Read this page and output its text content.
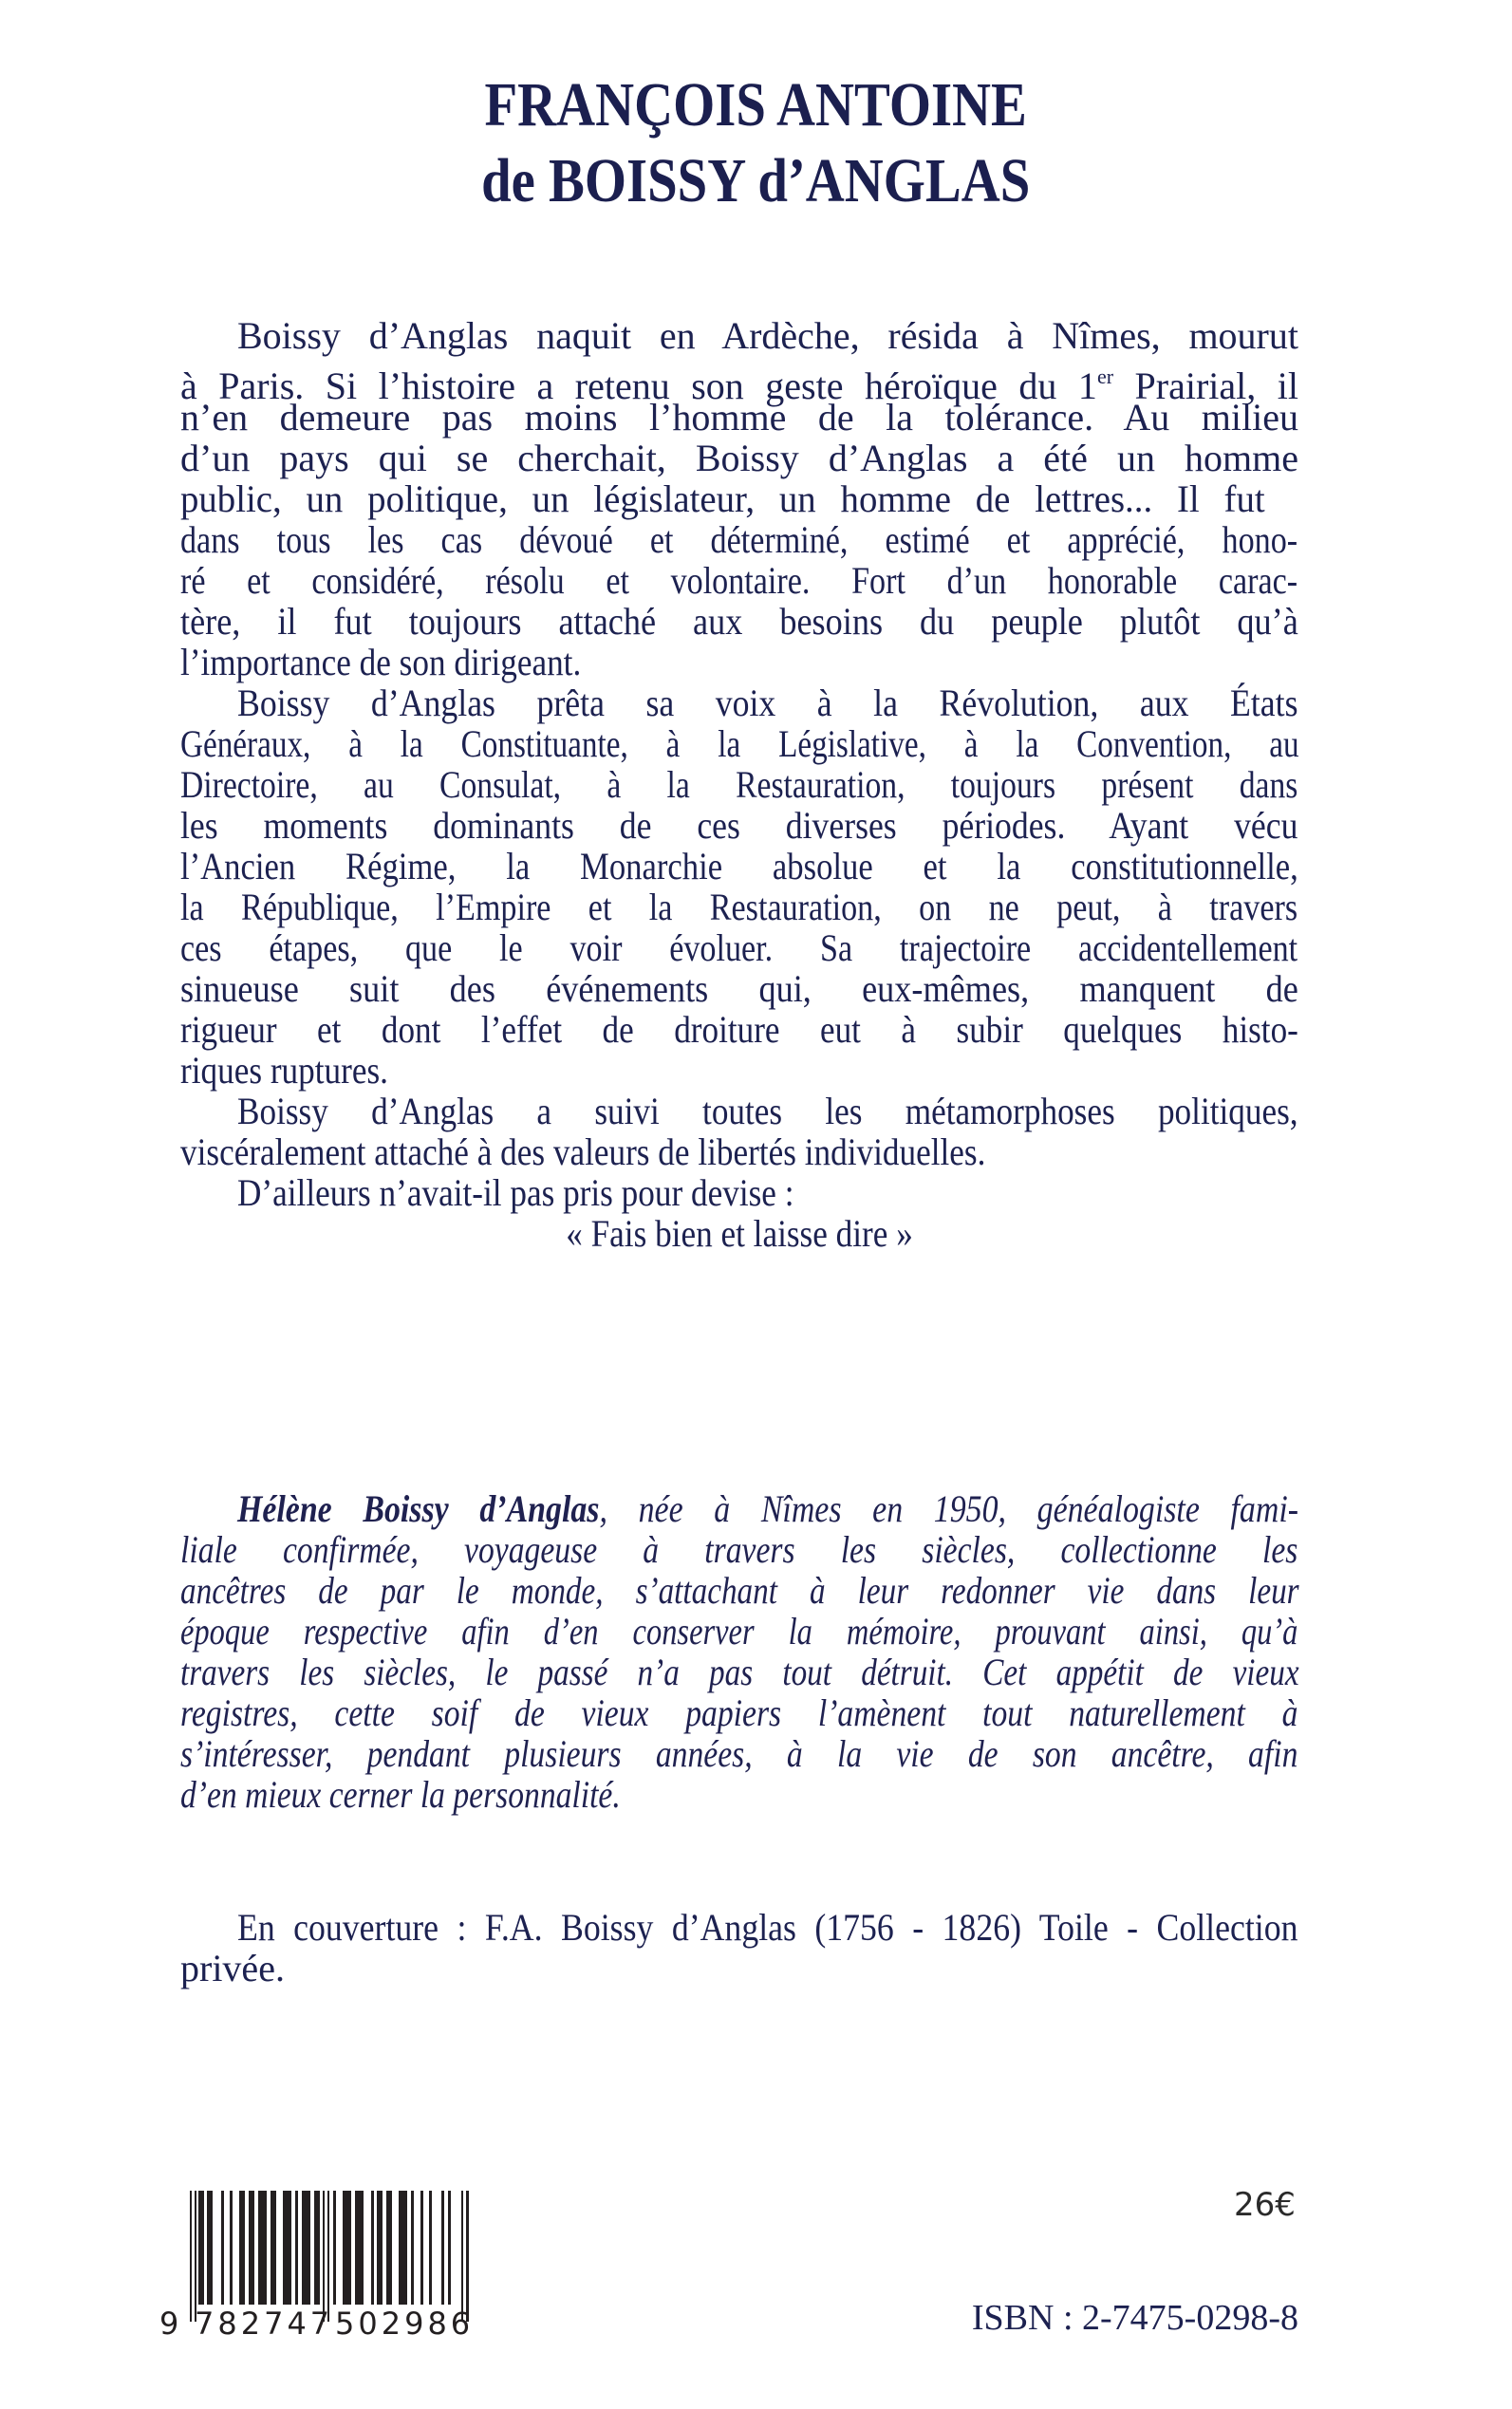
FRANÇOIS ANTOINE
de BOISSY d’ANGLAS
Boissy d’Anglas naquit en Ardèche, résida à Nîmes, mourut
à Paris. Si l’histoire a retenu son geste héroïque du 1er Prairial, il
n’en demeure pas moins l’homme de la tolérance. Au milieu
d’un pays qui se cherchait, Boissy d’Anglas a été un homme
public, un politique, un législateur, un homme de lettres... Il fut
dans tous les cas dévoué et déterminé, estimé et apprécié, hono-
ré et considéré, résolu et volontaire. Fort d’un honorable carac-
tère, il fut toujours attaché aux besoins du peuple plutôt qu’à
l’importance de son dirigeant.
Boissy d’Anglas prêta sa voix à la Révolution, aux États
Généraux, à la Constituante, à la Législative, à la Convention, au
Directoire, au Consulat, à la Restauration, toujours présent dans
les moments dominants de ces diverses périodes. Ayant vécu
l’Ancien Régime, la Monarchie absolue et la constitutionnelle,
la République, l’Empire et la Restauration, on ne peut, à travers
ces étapes, que le voir évoluer. Sa trajectoire accidentellement
sinueuse suit des événements qui, eux-mêmes, manquent de
rigueur et dont l’effet de droiture eut à subir quelques histo-
riques ruptures.
Boissy d’Anglas a suivi toutes les métamorphoses politiques,
viscéralement attaché à des valeurs de libertés individuelles.
D’ailleurs n’avait-il pas pris pour devise :
« Fais bien et laisse dire »
Hélène Boissy d’Anglas, née à Nîmes en 1950, généalogiste fami-
liale confirmée, voyageuse à travers les siècles, collectionne les
ancêtres de par le monde, s’attachant à leur redonner vie dans leur
époque respective afin d’en conserver la mémoire, prouvant ainsi, qu’à
travers les siècles, le passé n’a pas tout détruit. Cet appétit de vieux
registres, cette soif de vieux papiers l’amènent tout naturellement à
s’intéresser, pendant plusieurs années, à la vie de son ancêtre, afin
d’en mieux cerner la personnalité.
En couverture : F.A. Boissy d’Anglas (1756 - 1826) Toile - Collection
privée.
9 782747 502986
26€
ISBN : 2-7475-0298-8
